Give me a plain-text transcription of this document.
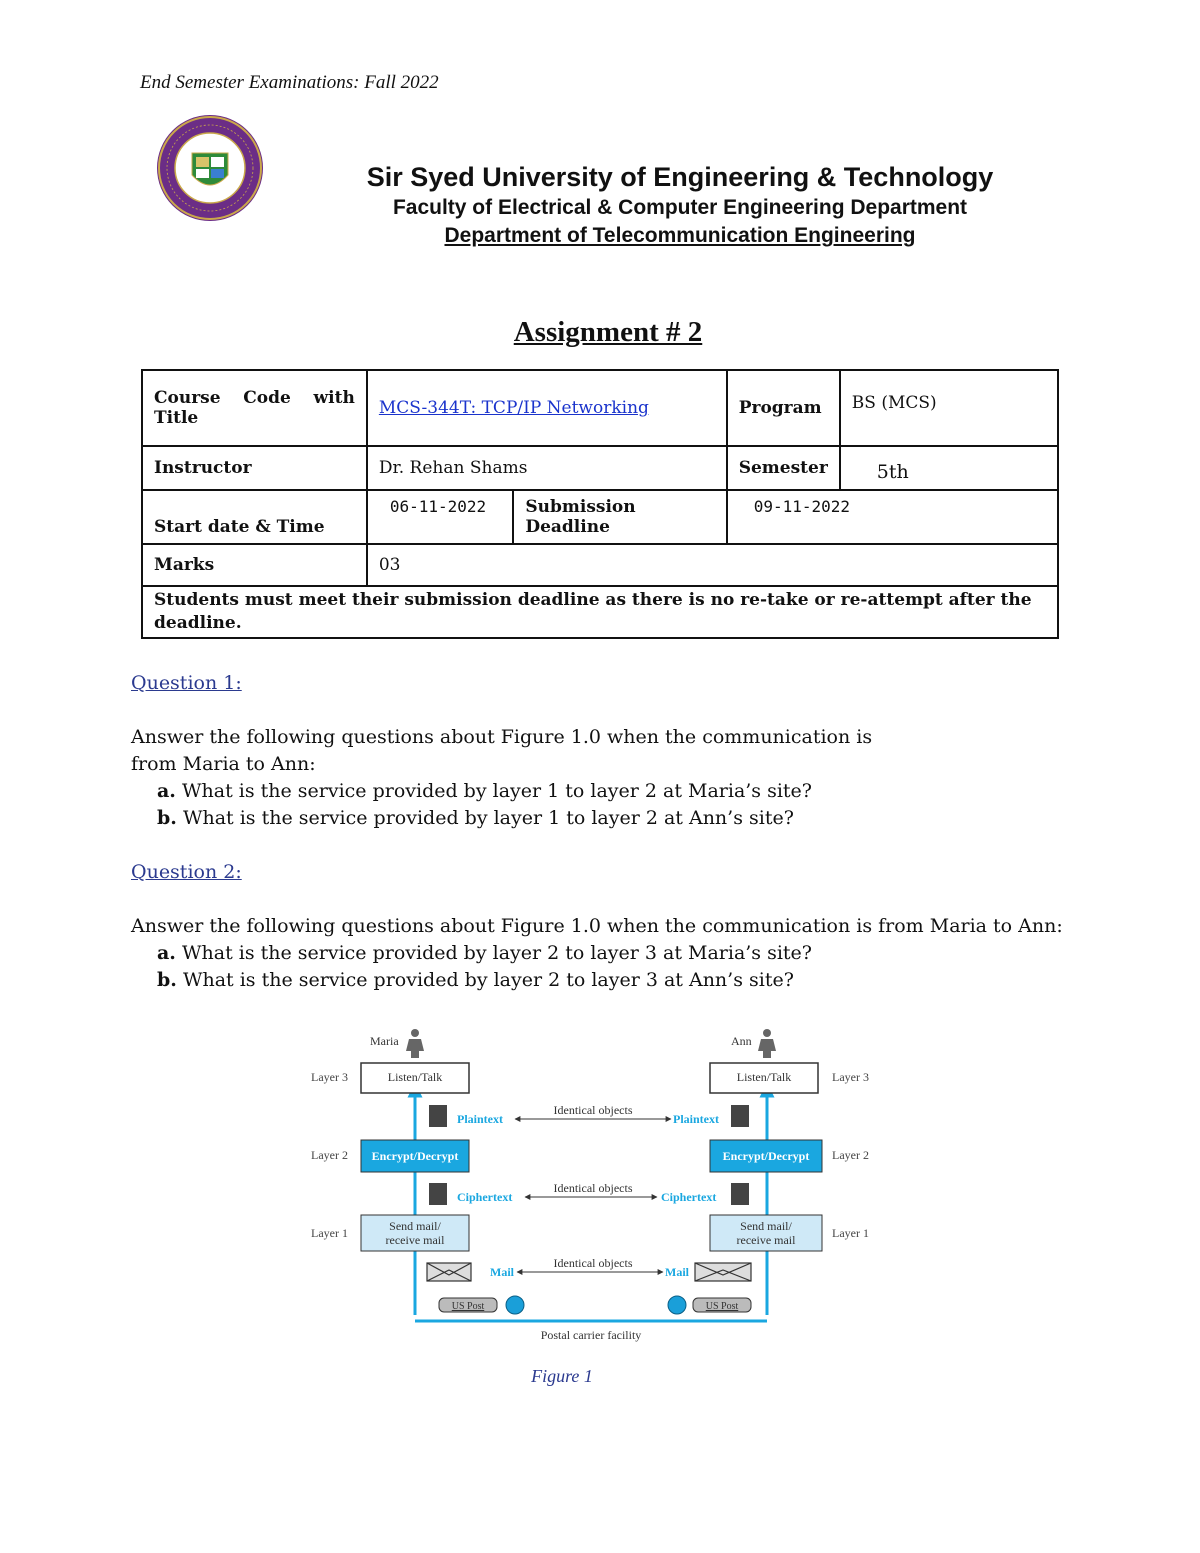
End Semester Examinations: Fall 2022
Sir Syed University of Engineering & Technology
Faculty of Electrical & Computer Engineering Department
Department of Telecommunication Engineering
Assignment # 2
Course Code with Title	MCS-344T: TCP/IP Networking		Program	BS (MCS)
Instructor	Dr. Rehan Shams		Semester	5th
Start date & Time	06-11-2022	Submission Deadline	09-11-2022	
Marks	03			
Students must meet their submission deadline as there is no re-take or re-attempt after the deadline.				
Question 1:
Answer the following questions about Figure 1.0 when the communication is
from Maria to Ann:
a. What is the service provided by layer 1 to layer 2 at Maria’s site?
b. What is the service provided by layer 1 to layer 2 at Ann’s site?
Question 2:
Answer the following questions about Figure 1.0 when the communication is from Maria to Ann:
a. What is the service provided by layer 2 to layer 3 at Maria’s site?
b. What is the service provided by layer 2 to layer 3 at Ann’s site?
Maria	Ann
Layer 3	Listen/Talk	Listen/Talk	Layer 3
Plaintext
Identical objects
Plaintext
Layer 2 Encrypt/Decrypt	Encrypt/Decrypt Layer 2
Ciphertext
Identical objects
Ciphertext
Layer 1	Send mail/
receive mail
Send mail/
receive mail	Layer 1
Mail
Identical objects
Mail
US Post	US Post
Postal carrier facility
Figure 1
